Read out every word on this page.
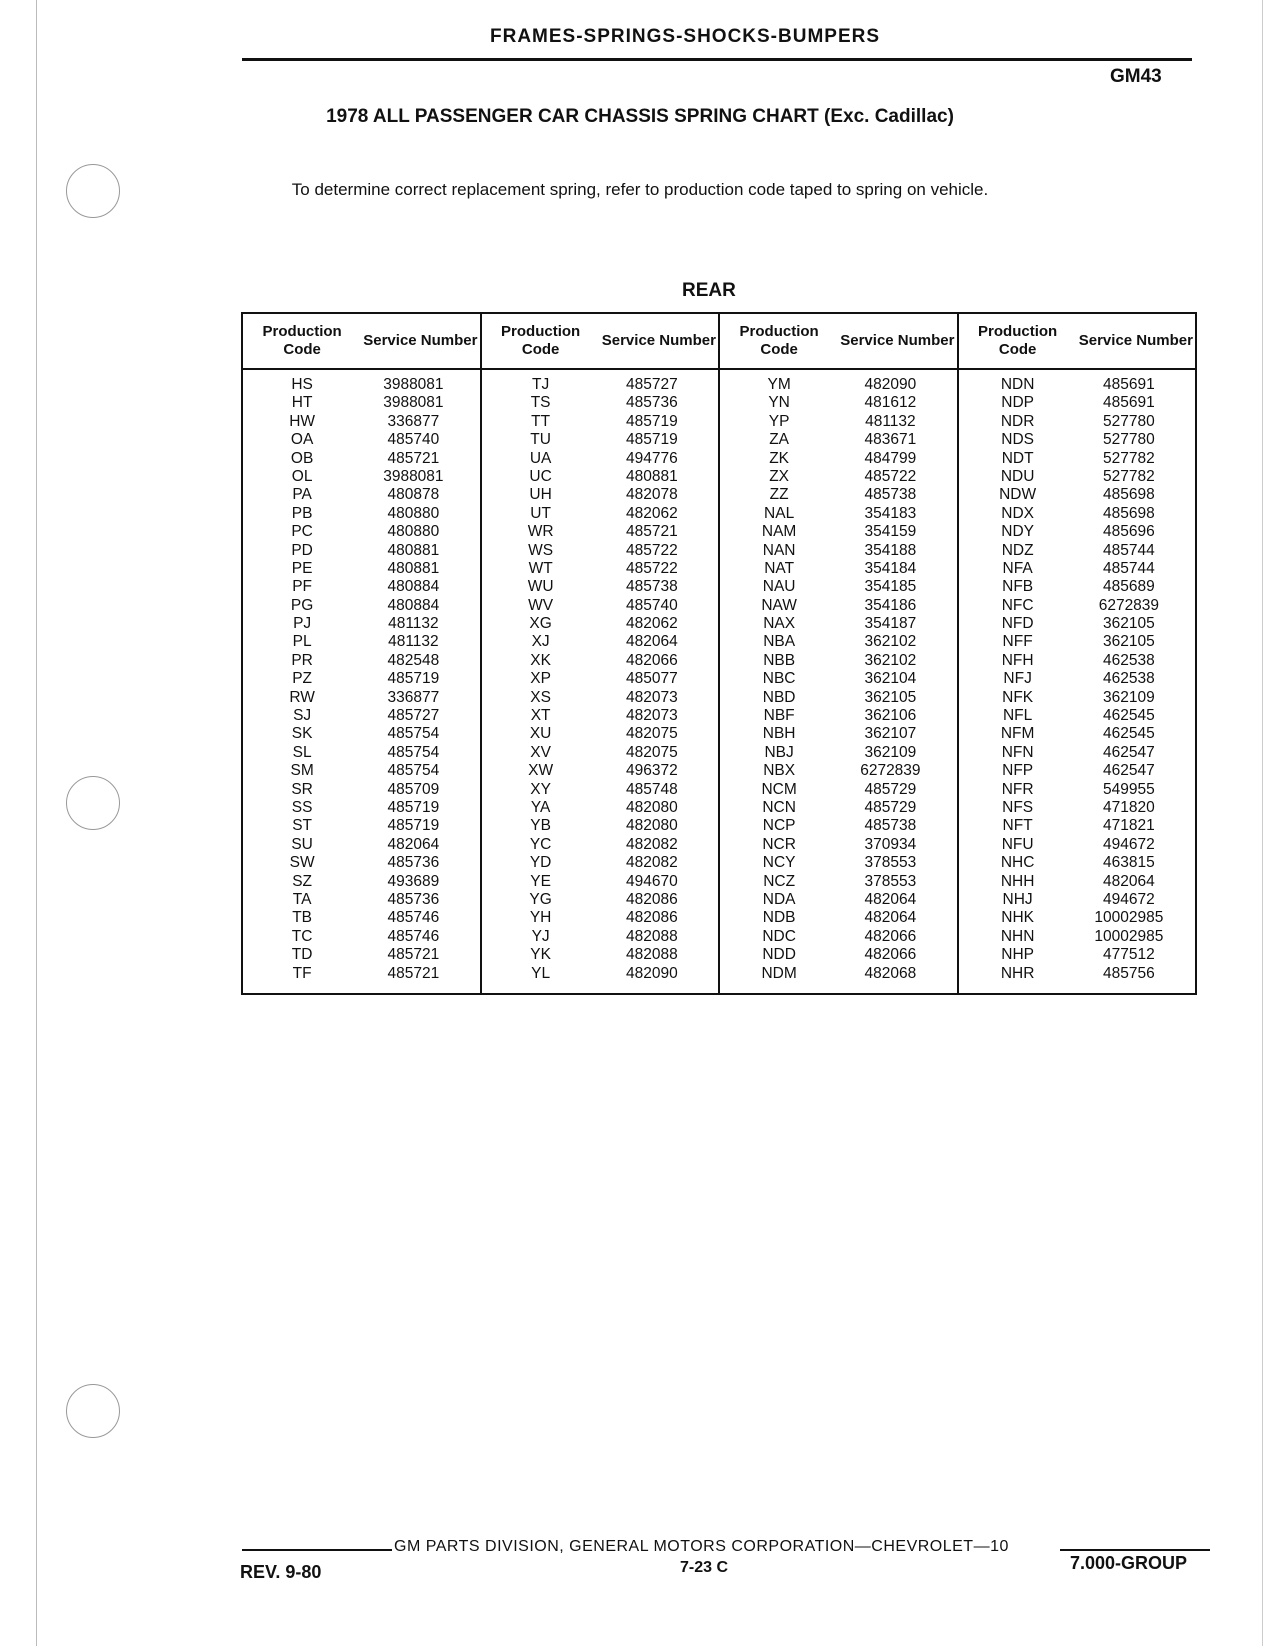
FRAMES-SPRINGS-SHOCKS-BUMPERS
GM43
1978 ALL PASSENGER CAR CHASSIS SPRING CHART (Exc. Cadillac)
To determine correct replacement spring, refer to production code taped to spring on vehicle.
REAR
Production Code
Service Number
HS	3988081
HT	3988081
HW	336877
OA	485740
OB	485721
OL	3988081
PA	480878
PB	480880
PC	480880
PD	480881
PE	480881
PF	480884
PG	480884
PJ	481132
PL	481132
PR	482548
PZ	485719
RW	336877
SJ	485727
SK	485754
SL	485754
SM	485754
SR	485709
SS	485719
ST	485719
SU	482064
SW	485736
SZ	493689
TA	485736
TB	485746
TC	485746
TD	485721
TF	485721
Production Code
Service Number
TJ	485727
TS	485736
TT	485719
TU	485719
UA	494776
UC	480881
UH	482078
UT	482062
WR	485721
WS	485722
WT	485722
WU	485738
WV	485740
XG	482062
XJ	482064
XK	482066
XP	485077
XS	482073
XT	482073
XU	482075
XV	482075
XW	496372
XY	485748
YA	482080
YB	482080
YC	482082
YD	482082
YE	494670
YG	482086
YH	482086
YJ	482088
YK	482088
YL	482090
Production Code
Service Number
YM	482090
YN	481612
YP	481132
ZA	483671
ZK	484799
ZX	485722
ZZ	485738
NAL	354183
NAM	354159
NAN	354188
NAT	354184
NAU	354185
NAW	354186
NAX	354187
NBA	362102
NBB	362102
NBC	362104
NBD	362105
NBF	362106
NBH	362107
NBJ	362109
NBX	6272839
NCM	485729
NCN	485729
NCP	485738
NCR	370934
NCY	378553
NCZ	378553
NDA	482064
NDB	482064
NDC	482066
NDD	482066
NDM	482068
Production Code
Service Number
NDN	485691
NDP	485691
NDR	527780
NDS	527780
NDT	527782
NDU	527782
NDW	485698
NDX	485698
NDY	485696
NDZ	485744
NFA	485744
NFB	485689
NFC	6272839
NFD	362105
NFF	362105
NFH	462538
NFJ	462538
NFK	362109
NFL	462545
NFM	462545
NFN	462547
NFP	462547
NFR	549955
NFS	471820
NFT	471821
NFU	494672
NHC	463815
NHH	482064
NHJ	494672
NHK	10002985
NHN	10002985
NHP	477512
NHR	485756
GM PARTS DIVISION, GENERAL MOTORS CORPORATION—CHEVROLET—10
REV. 9-80	7-23 C	7.000-GROUP
